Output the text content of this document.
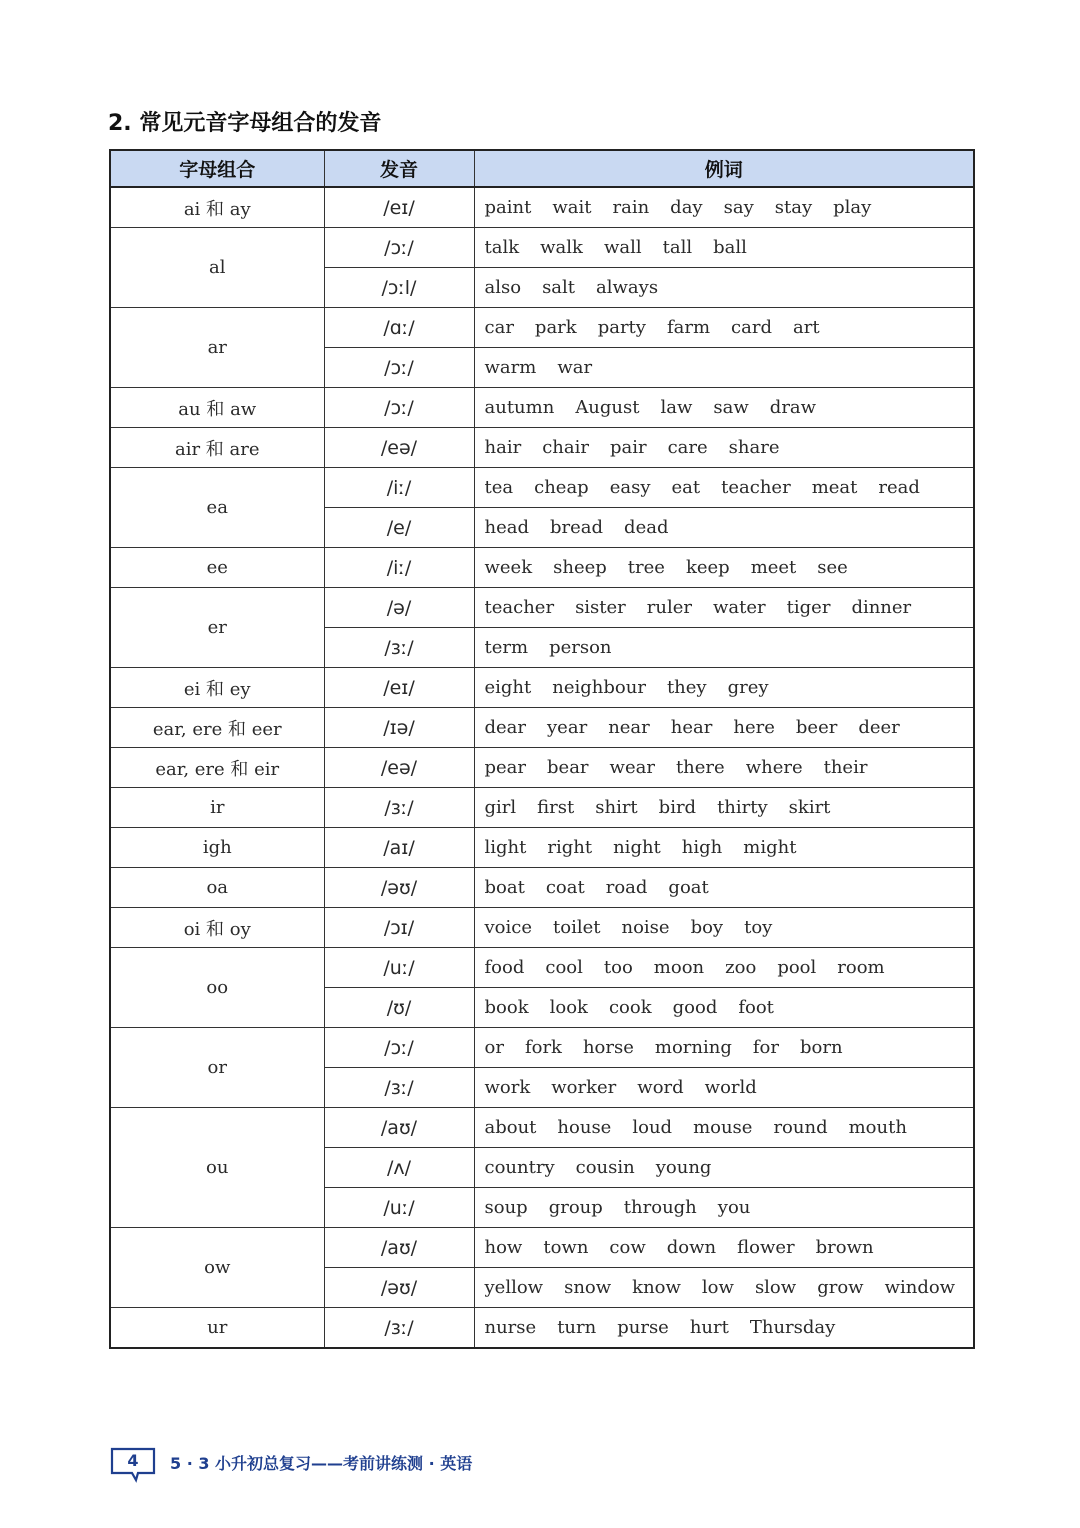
2. 常见元音字母组合的发音
字母组合	发音	例词
ai 和 ay	/eɪ/	paint wait rain day say stay play
al	/ɔː/	talk walk wall tall ball
	/ɔːl/	also salt always
ar	/ɑː/	car park party farm card art
	/ɔː/	warm war
au 和 aw	/ɔː/	autumn August law saw draw
air 和 are	/eə/	hair chair pair care share
ea	/iː/	tea cheap easy eat teacher meat read
	/e/	head bread dead
ee	/iː/	week sheep tree keep meet see
er	/ə/	teacher sister ruler water tiger dinner
	/ɜː/	term person
ei 和 ey	/eɪ/	eight neighbour they grey
ear, ere 和 eer	/ɪə/	dear year near hear here beer deer
ear, ere 和 eir	/eə/	pear bear wear there where their
ir	/ɜː/	girl first shirt bird thirty skirt
igh	/aɪ/	light right night high might
oa	/əʊ/	boat coat road goat
oi 和 oy	/ɔɪ/	voice toilet noise boy toy
oo	/uː/	food cool too moon zoo pool room
	/ʊ/	book look cook good foot
or	/ɔː/	or fork horse morning for born
	/ɜː/	work worker word world
ou	/aʊ/	about house loud mouse round mouth
	/ʌ/	country cousin young
	/uː/	soup group through you
ow	/aʊ/	how town cow down flower brown
	/əʊ/	yellow snow know low slow grow window
ur	/ɜː/	nurse turn purse hurt Thursday
4	5 · 3 小升初总复习——考前讲练测 · 英语
